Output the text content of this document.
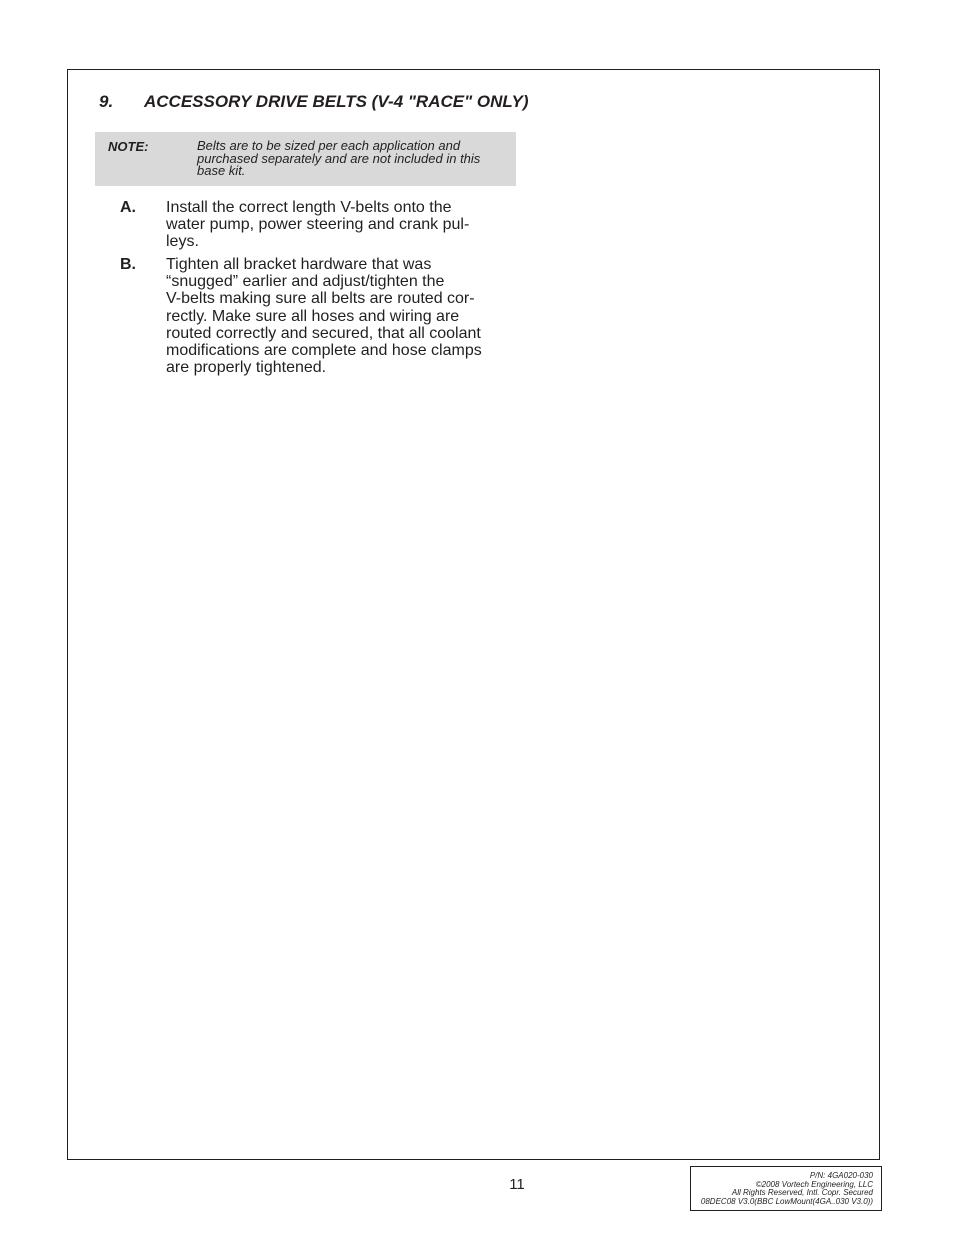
9. ACCESSORY DRIVE BELTS (V-4 "RACE" ONLY)
NOTE:	Belts are to be sized per each application and
purchased separately and are not included in this
base kit.
A. Install the correct length V-belts onto the
water pump, power steering and crank pul-
leys.
B. Tighten all bracket hardware that was
“snugged” earlier and adjust/tighten the
V-belts making sure all belts are routed cor-
rectly. Make sure all hoses and wiring are
routed correctly and secured, that all coolant
modifications are complete and hose clamps
are properly tightened.
11
P/N: 4GA020-030
©2008 Vortech Engineering, LLC
All Rights Reserved, Intl. Copr. Secured
08DEC08 V3.0(BBC LowMount(4GA..030 V3.0))
